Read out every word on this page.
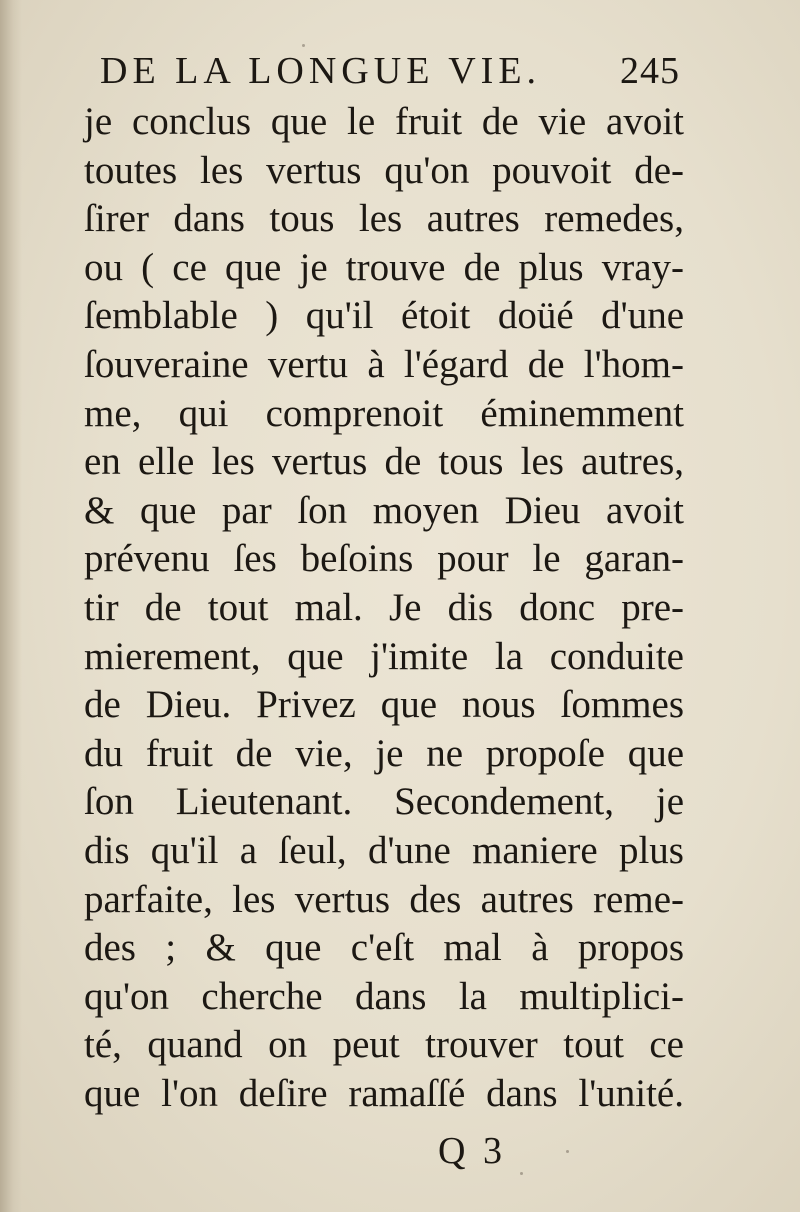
DE LA LONGUE VIE. 245
je conclus que le fruit de vie avoit
toutes les vertus qu'on pouvoit de-
ſirer dans tous les autres remedes,
ou ( ce que je trouve de plus vray-
ſemblable ) qu'il étoit doüé d'une
ſouveraine vertu à l'égard de l'hom-
me, qui comprenoit éminemment
en elle les vertus de tous les autres,
& que par ſon moyen Dieu avoit
prévenu ſes beſoins pour le garan-
tir de tout mal. Je dis donc pre-
mierement, que j'imite la conduite
de Dieu. Privez que nous ſommes
du fruit de vie, je ne propoſe que
ſon Lieutenant. Secondement, je
dis qu'il a ſeul, d'une maniere plus
parfaite, les vertus des autres reme-
des ; & que c'eſt mal à propos
qu'on cherche dans la multiplici-
té, quand on peut trouver tout ce
que l'on deſire ramaſſé dans l'unité.
Q 3
